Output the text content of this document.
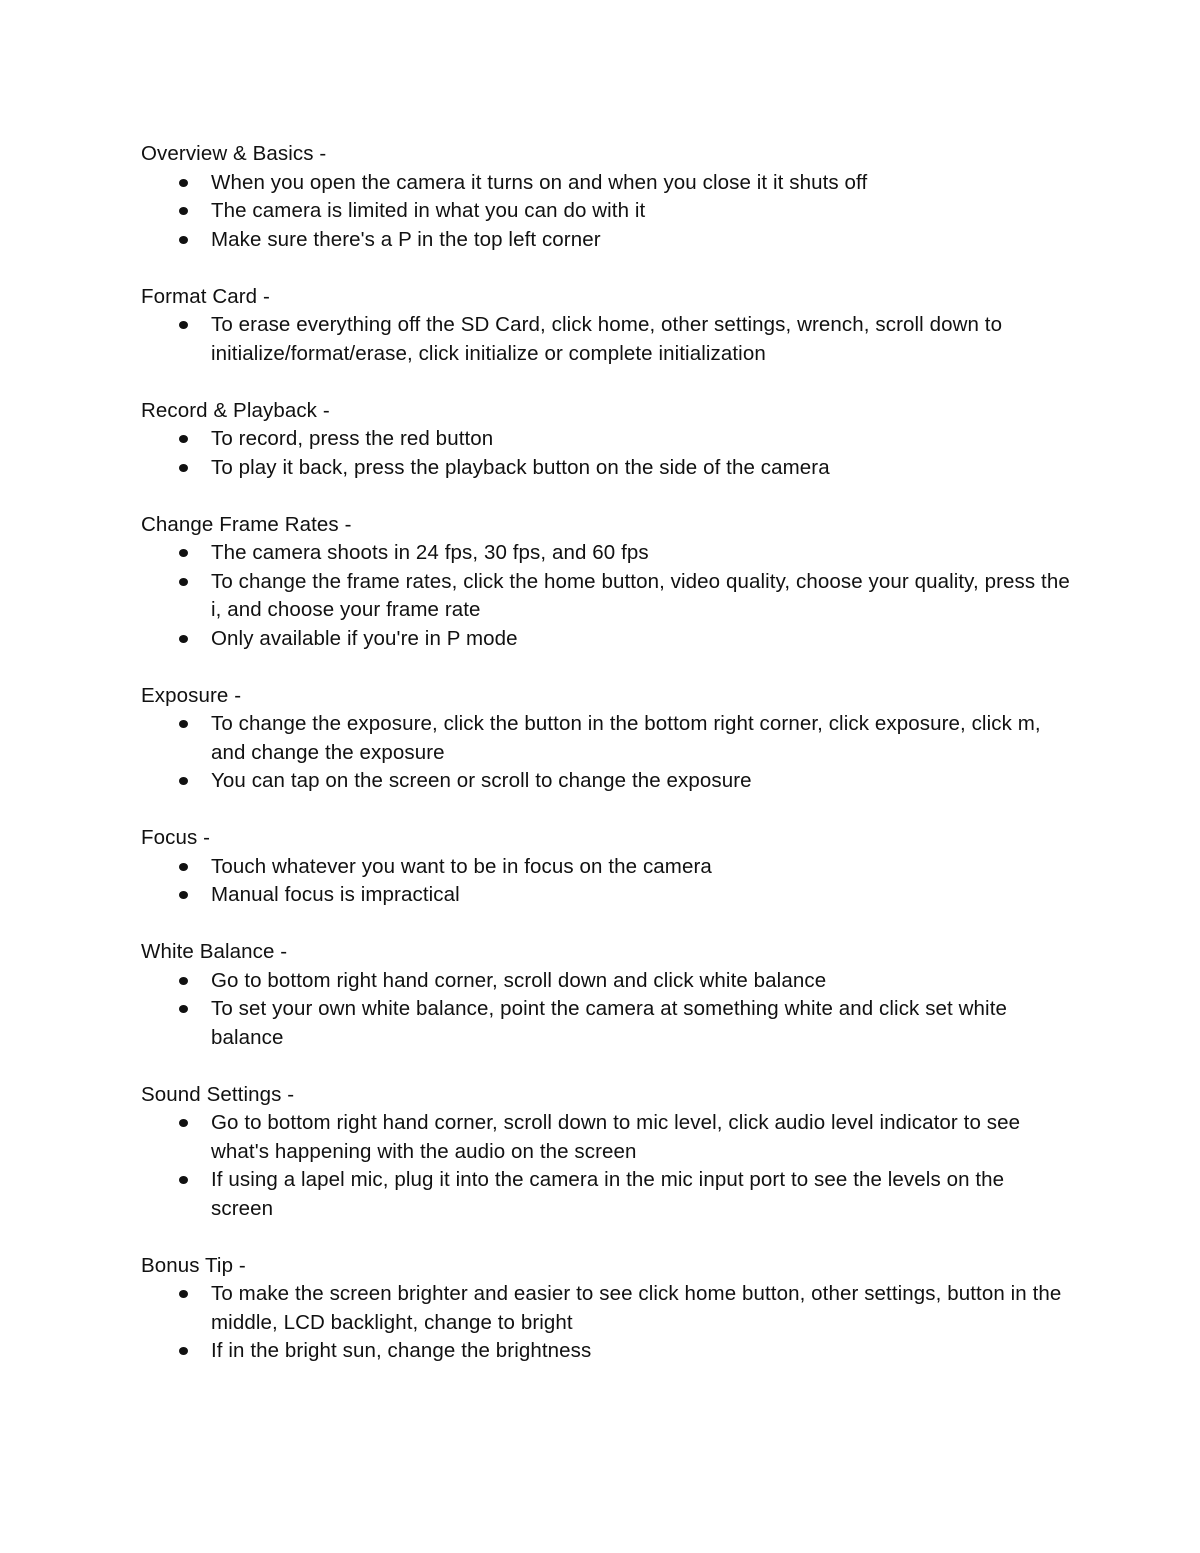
Overview & Basics -

When you open the camera it turns on and when you close it it shuts off
The camera is limited in what you can do with it
Make sure there's a P in the top left corner

Format Card -

To erase everything off the SD Card, click home, other settings, wrench, scroll down to initialize/format/erase, click initialize or complete initialization

Record & Playback -

To record, press the red button
To play it back, press the playback button on the side of the camera

Change Frame Rates -

The camera shoots in 24 fps, 30 fps, and 60 fps
To change the frame rates, click the home button, video quality, choose your quality, press the i, and choose your frame rate
Only available if you're in P mode

Exposure -

To change the exposure, click the button in the bottom right corner, click exposure, click m, and change the exposure
You can tap on the screen or scroll to change the exposure

Focus -

Touch whatever you want to be in focus on the camera
Manual focus is impractical

White Balance -

Go to bottom right hand corner, scroll down and click white balance
To set your own white balance, point the camera at something white and click set white balance

Sound Settings -

Go to bottom right hand corner, scroll down to mic level, click audio level indicator to see what's happening with the audio on the screen
If using a lapel mic, plug it into the camera in the mic input port to see the levels on the screen

Bonus Tip -

To make the screen brighter and easier to see click home button, other settings, button in the middle, LCD backlight, change to bright
If in the bright sun, change the brightness
